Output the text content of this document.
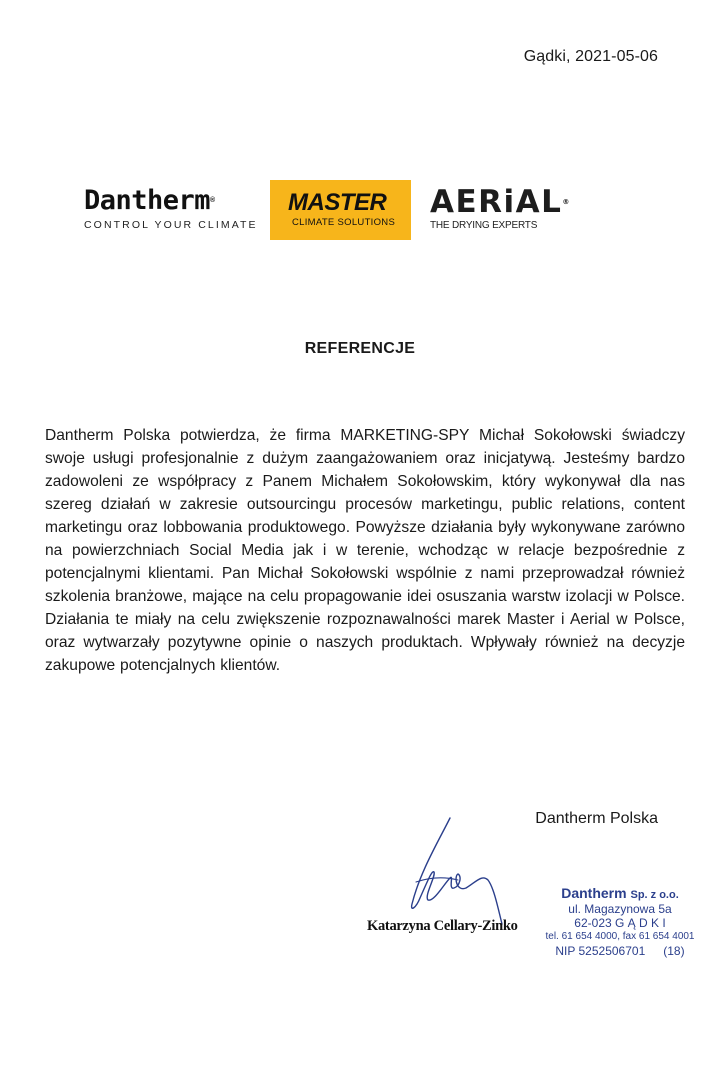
Gądki, 2021-05-06
Dantherm®
CONTROL YOUR CLIMATE
MASTER
CLIMATE SOLUTIONS
AERiAL®
THE DRYING EXPERTS
REFERENCJE
Dantherm Polska potwierdza, że firma MARKETING-SPY Michał Sokołowski świadczy swoje usługi profesjonalnie z dużym zaangażowaniem oraz inicjatywą. Jesteśmy bardzo zadowoleni ze współpracy z Panem Michałem Sokołowskim, który wykonywał dla nas szereg działań w zakresie outsourcingu procesów marketingu, public relations, content marketingu oraz lobbowania produktowego. Powyższe działania były wykonywane zarówno na powierzchniach Social Media jak i w terenie, wchodząc w relacje bezpośrednie z potencjalnymi klientami. Pan Michał Sokołowski wspólnie z nami przeprowadzał również szkolenia branżowe, mające na celu propagowanie idei osuszania warstw izolacji w Polsce. Działania te miały na celu zwiększenie rozpoznawalności marek Master i Aerial w Polsce, oraz wytwarzały pozytywne opinie o naszych produktach. Wpływały również na decyzje zakupowe potencjalnych klientów.
Dantherm Polska
Katarzyna Cellary-Zinko
Dantherm Sp. z o.o.
ul. Magazynowa 5a
62-023 G Ą D K I
tel. 61 654 4000, fax 61 654 4001
NIP 5252506701 (18)
